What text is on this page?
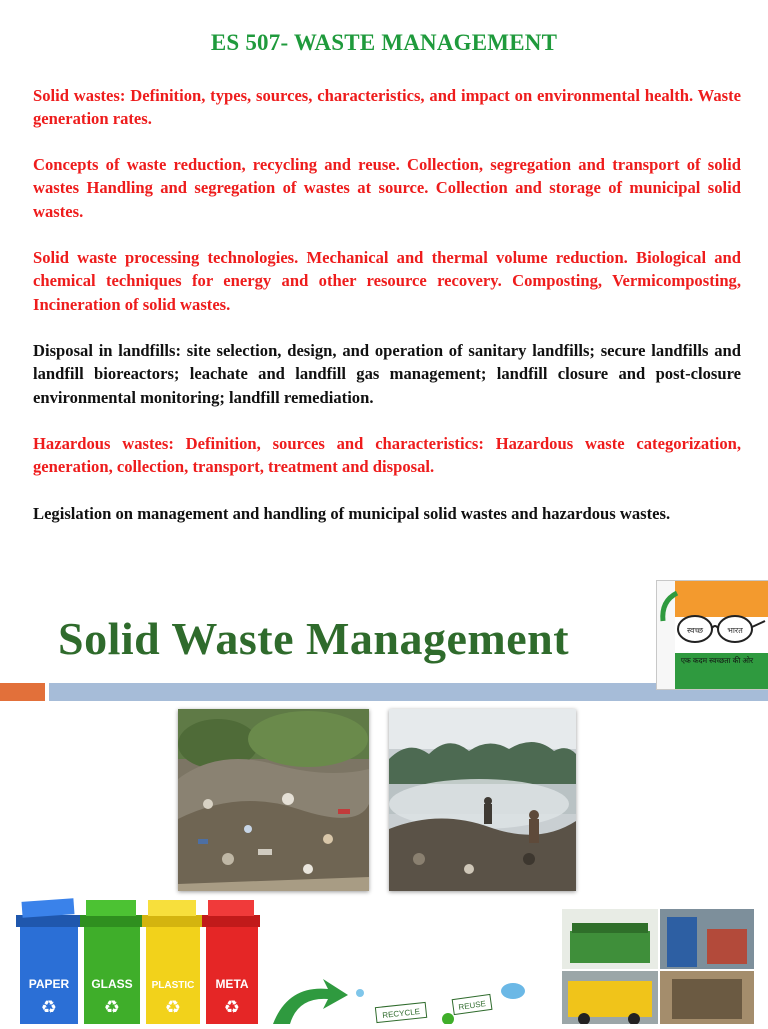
ES 507- WASTE MANAGEMENT

Solid wastes: Definition, types, sources, characteristics, and impact on environmental health. Waste generation rates.

Concepts of waste reduction, recycling and reuse. Collection, segregation and transport of solid wastes Handling and segregation of wastes at source. Collection and storage of municipal solid wastes.

Solid waste processing technologies. Mechanical and thermal volume reduction. Biological and chemical techniques for energy and other resource recovery. Composting, Vermicomposting, Incineration of solid wastes.

Disposal in landfills: site selection, design, and operation of sanitary landfills; secure landfills and landfill bioreactors; leachate and landfill gas management; landfill closure and post-closure environmental monitoring; landfill remediation.

Hazardous wastes: Definition, sources and characteristics: Hazardous waste categorization, generation, collection, transport, treatment and disposal.

Legislation on management and handling of municipal solid wastes and hazardous wastes.

Solid Waste Management	स्वच्छ	भारत
एक कदम स्वच्छता की ओर
PAPER
♻
GLASS
♻
PLASTIC
♻
META
♻	RECYCLE
REUSE
